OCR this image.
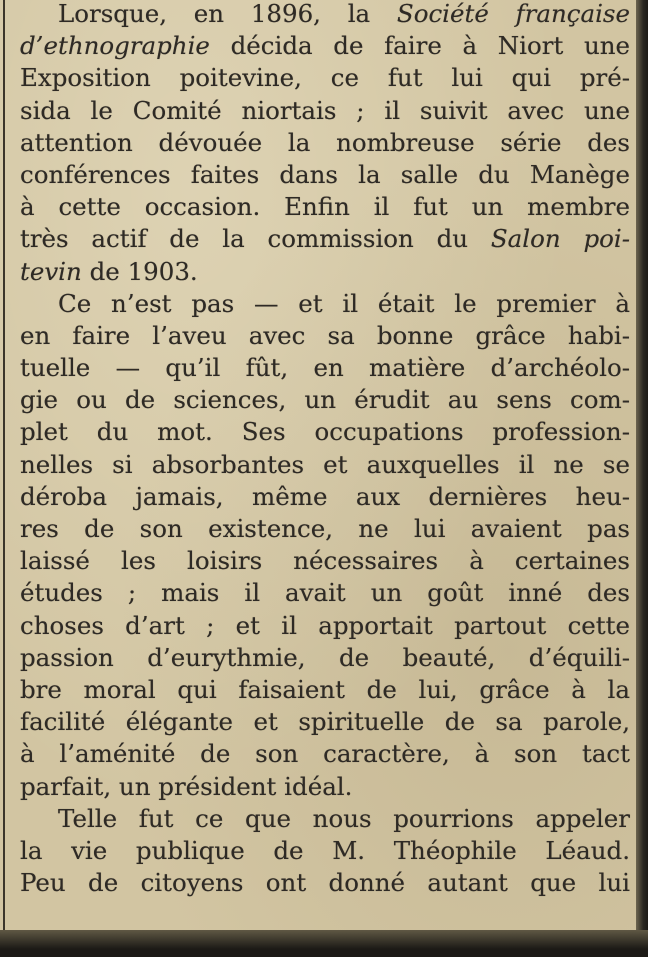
Lorsque, en 1896, la Société française
d’ethnographie décida de faire à Niort une
Exposition poitevine, ce fut lui qui pré-
sida le Comité niortais ; il suivit avec une
attention dévouée la nombreuse série des
conférences faites dans la salle du Manège
à cette occasion. Enfin il fut un membre
très actif de la commission du Salon poi-
tevin de 1903.
Ce n’est pas — et il était le premier à
en faire l’aveu avec sa bonne grâce habi-
tuelle — qu’il fût, en matière d’archéolo-
gie ou de sciences, un érudit au sens com-
plet du mot. Ses occupations profession-
nelles si absorbantes et auxquelles il ne se
déroba jamais, même aux dernières heu-
res de son existence, ne lui avaient pas
laissé les loisirs nécessaires à certaines
études ; mais il avait un goût inné des
choses d’art ; et il apportait partout cette
passion d’eurythmie, de beauté, d’équili-
bre moral qui faisaient de lui, grâce à la
facilité élégante et spirituelle de sa parole,
à l’aménité de son caractère, à son tact
parfait, un président idéal.
Telle fut ce que nous pourrions appeler
la vie publique de M. Théophile Léaud.
Peu de citoyens ont donné autant que lui
